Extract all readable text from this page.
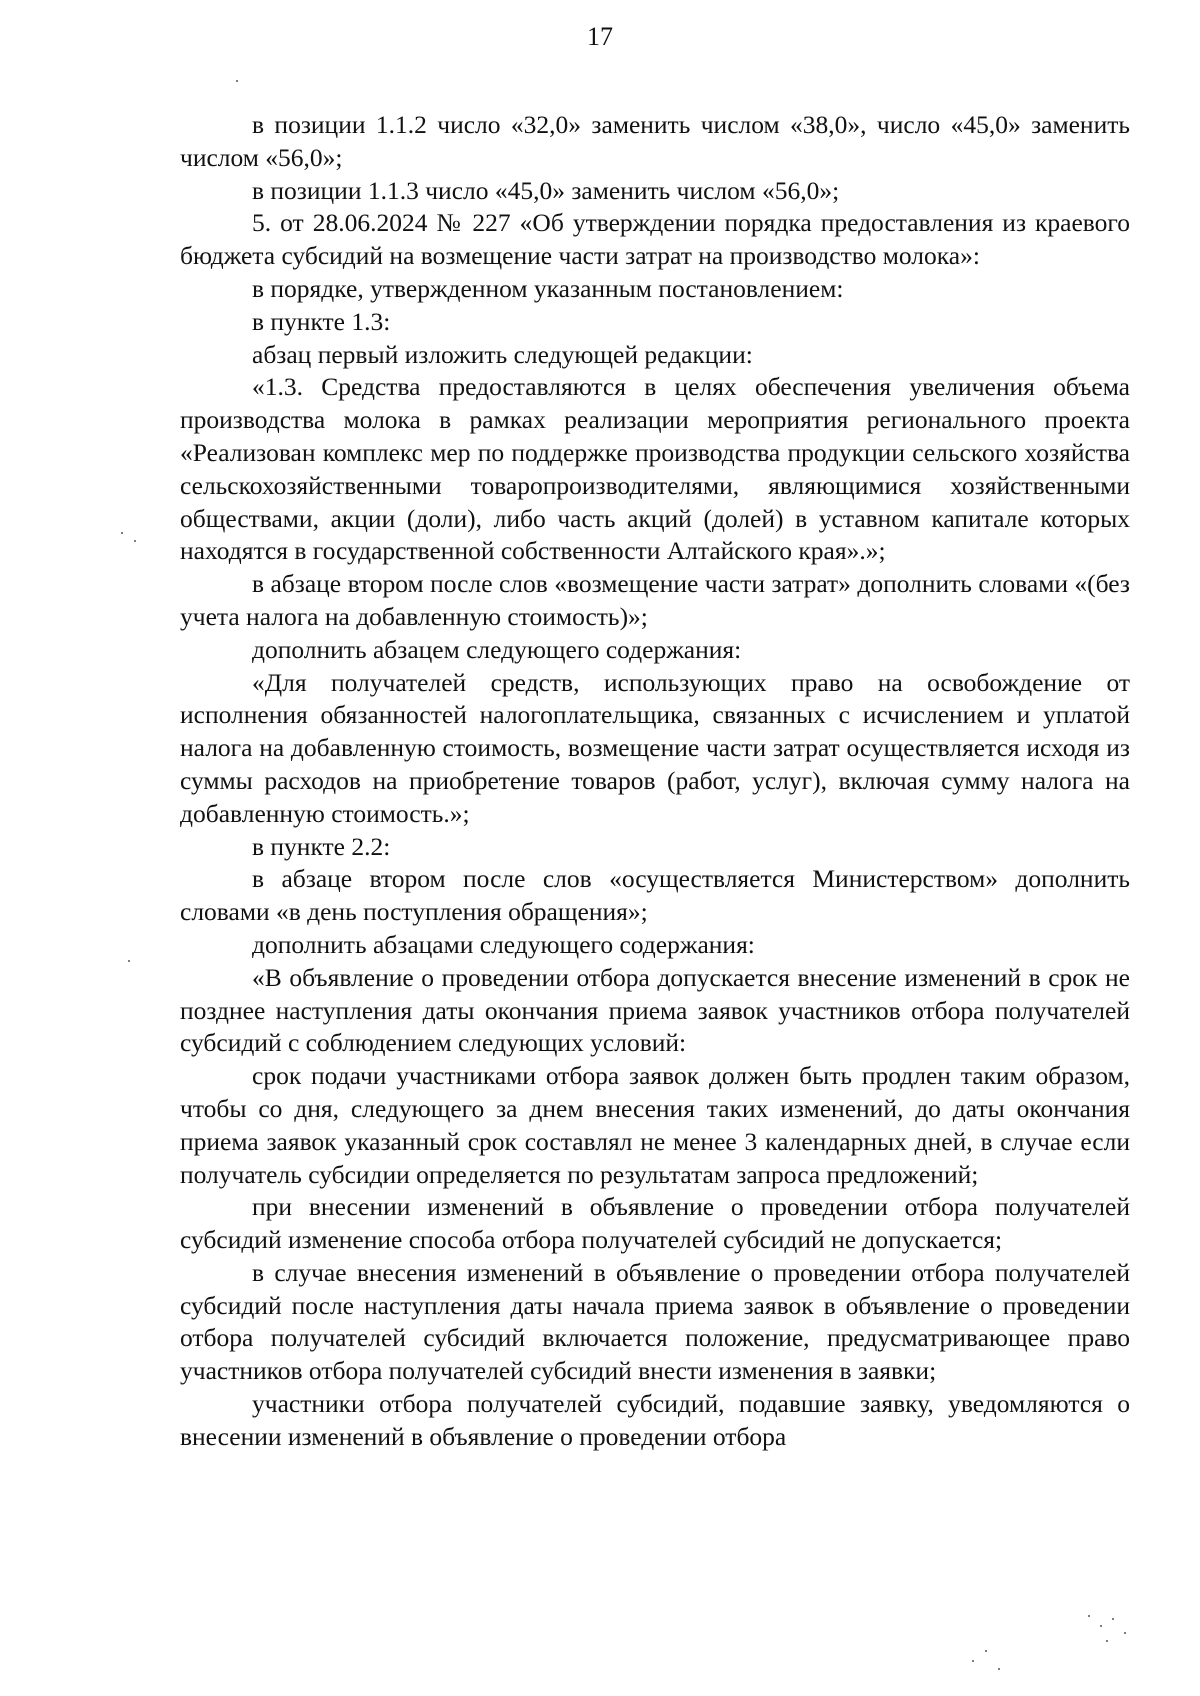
17

в позиции 1.1.2 число «32,0» заменить числом «38,0», число «45,0» заменить числом «56,0»;

в позиции 1.1.3 число «45,0» заменить числом «56,0»;

5. от 28.06.2024 № 227 «Об утверждении порядка предоставления из краевого бюджета субсидий на возмещение части затрат на производство молока»:

в порядке, утвержденном указанным постановлением:

в пункте 1.3:

абзац первый изложить следующей редакции:

«1.3. Средства предоставляются в целях обеспечения увеличения объема производства молока в рамках реализации мероприятия регионального проекта «Реализован комплекс мер по поддержке производства продукции сельского хозяйства сельскохозяйственными товаропроизводителями, являющимися хозяйственными обществами, акции (доли), либо часть акций (долей) в уставном капитале которых находятся в государственной собственности Алтайского края».»;

в абзаце втором после слов «возмещение части затрат» дополнить словами «(без учета налога на добавленную стоимость)»;

дополнить абзацем следующего содержания:

«Для получателей средств, использующих право на освобождение от исполнения обязанностей налогоплательщика, связанных с исчислением и уплатой налога на добавленную стоимость, возмещение части затрат осуществляется исходя из суммы расходов на приобретение товаров (работ, услуг), включая сумму налога на добавленную стоимость.»;

в пункте 2.2:

в абзаце втором после слов «осуществляется Министерством» дополнить словами «в день поступления обращения»;

дополнить абзацами следующего содержания:

«В объявление о проведении отбора допускается внесение изменений в срок не позднее наступления даты окончания приема заявок участников отбора получателей субсидий с соблюдением следующих условий:

срок подачи участниками отбора заявок должен быть продлен таким образом, чтобы со дня, следующего за днем внесения таких изменений, до даты окончания приема заявок указанный срок составлял не менее 3 календарных дней, в случае если получатель субсидии определяется по результатам запроса предложений;

при внесении изменений в объявление о проведении отбора получателей субсидий изменение способа отбора получателей субсидий не допускается;

в случае внесения изменений в объявление о проведении отбора получателей субсидий после наступления даты начала приема заявок в объявление о проведении отбора получателей субсидий включается положение, предусматривающее право участников отбора получателей субсидий внести изменения в заявки;

участники отбора получателей субсидий, подавшие заявку, уведомляются о внесении изменений в объявление о проведении отбора
